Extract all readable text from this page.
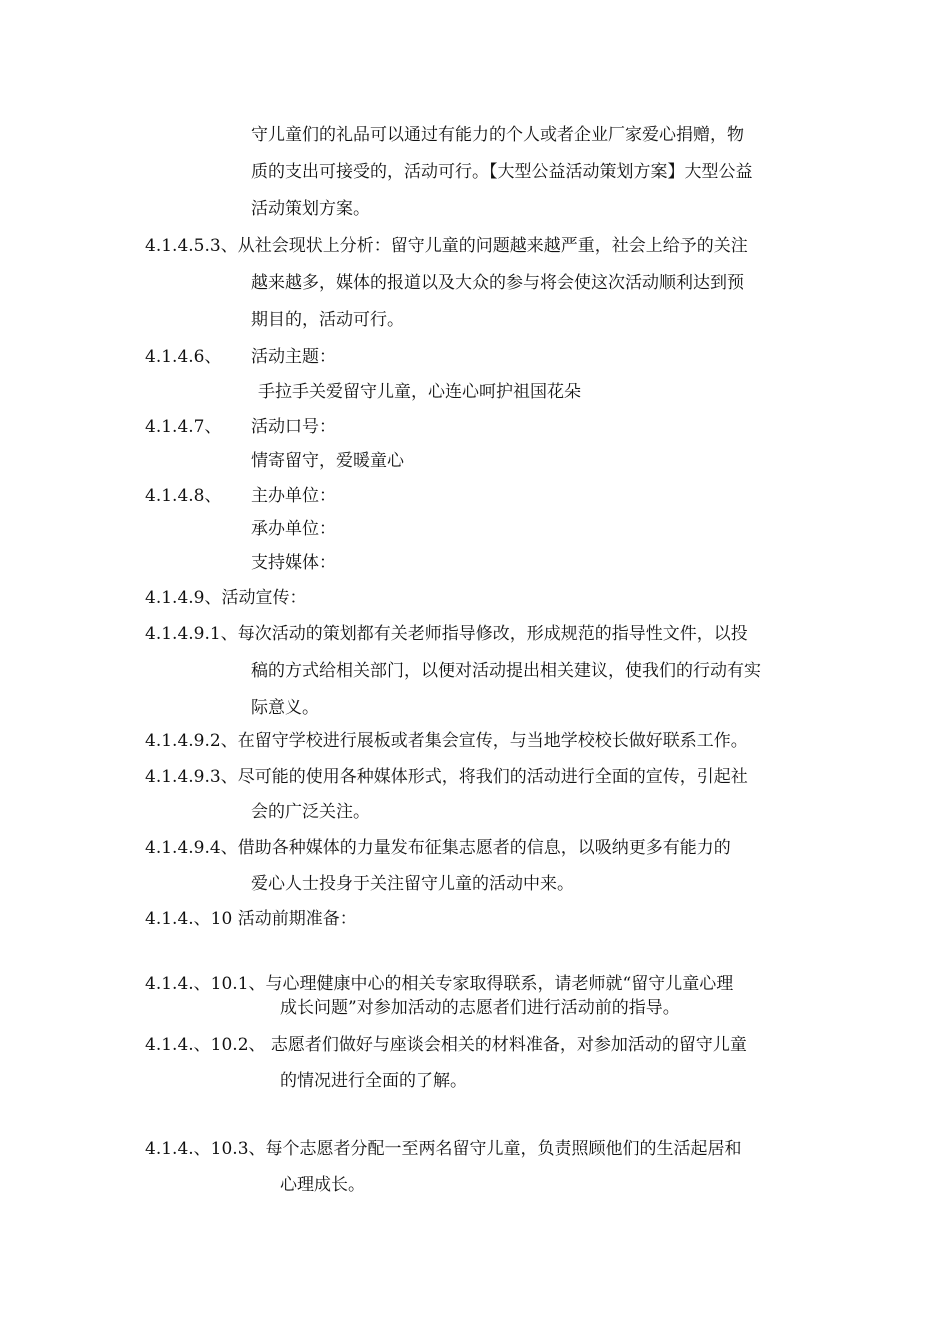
守儿童们的礼品可以通过有能力的个人或者企业厂家爱心捐赠，物
质的支出可接受的，活动可行。【大型公益活动策划方案】大型公益
活动策划方案。
4.1.4.5.3、从社会现状上分析：留守儿童的问题越来越严重，社会上给予的关注
越来越多，媒体的报道以及大众的参与将会使这次活动顺利达到预
期目的，活动可行。
4.1.4.6、 活动主题：
手拉手关爱留守儿童，心连心呵护祖国花朵
4.1.4.7、 活动口号：
情寄留守，爱暖童心
4.1.4.8、 主办单位：
承办单位：
支持媒体：
4.1.4.9、活动宣传：
4.1.4.9.1、每次活动的策划都有关老师指导修改，形成规范的指导性文件，以投
稿的方式给相关部门，以便对活动提出相关建议，使我们的行动有实
际意义。
4.1.4.9.2、在留守学校进行展板或者集会宣传，与当地学校校长做好联系工作。
4.1.4.9.3、尽可能的使用各种媒体形式，将我们的活动进行全面的宣传，引起社
会的广泛关注。
4.1.4.9.4、借助各种媒体的力量发布征集志愿者的信息，以吸纳更多有能力的
爱心人士投身于关注留守儿童的活动中来。
4.1.4.、10 活动前期准备：
4.1.4.、10.1、与心理健康中心的相关专家取得联系，请老师就“留守儿童心理
成长问题”对参加活动的志愿者们进行活动前的指导。
4.1.4.、10.2、 志愿者们做好与座谈会相关的材料准备，对参加活动的留守儿童
的情况进行全面的了解。
4.1.4.、10.3、每个志愿者分配一至两名留守儿童，负责照顾他们的生活起居和
心理成长。
